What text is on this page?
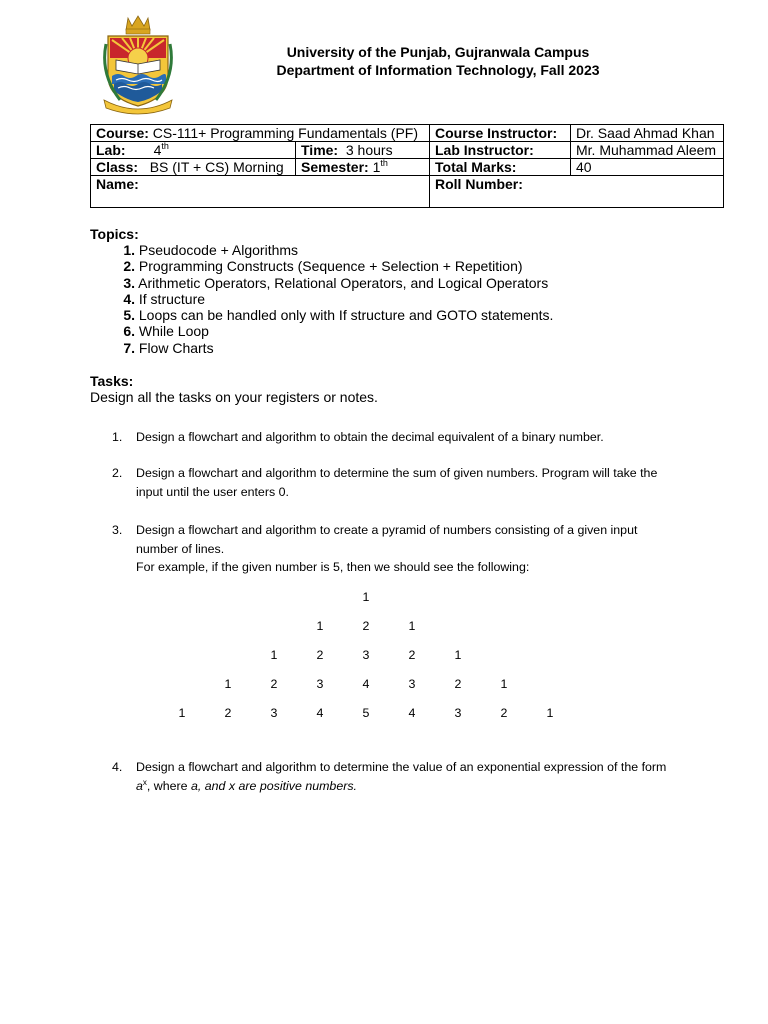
University of the Punjab, Gujranwala Campus
Department of Information Technology, Fall 2023
Course: CS-111+ Programming Fundamentals (PF)		Course Instructor:	Dr. Saad Ahmad Khan
Lab: 4th	Time: 3 hours	Lab Instructor:	Mr. Muhammad Aleem
Class: BS (IT + CS) Morning	Semester: 1th	Total Marks:	40
Name:		Roll Number:	
Topics:
1. Pseudocode + Algorithms
2. Programming Constructs (Sequence + Selection + Repetition)
3. Arithmetic Operators, Relational Operators, and Logical Operators
4. If structure
5. Loops can be handled only with If structure and GOTO statements.
6. While Loop
7. Flow Charts
Tasks:
Design all the tasks on your registers or notes.
1. Design a flowchart and algorithm to obtain the decimal equivalent of a binary number.
2. Design a flowchart and algorithm to determine the sum of given numbers. Program will take the
input until the user enters 0.
3. Design a flowchart and algorithm to create a pyramid of numbers consisting of a given input
number of lines.
For example, if the given number is 5, then we should see the following:
1
1	2	1
1	2	3	2	1
1	2	3	4	3	2	1
1	2	3	4	5	4	3	2	1
4. Design a flowchart and algorithm to determine the value of an exponential expression of the form
$a^x$, where a, and x are positive numbers.
